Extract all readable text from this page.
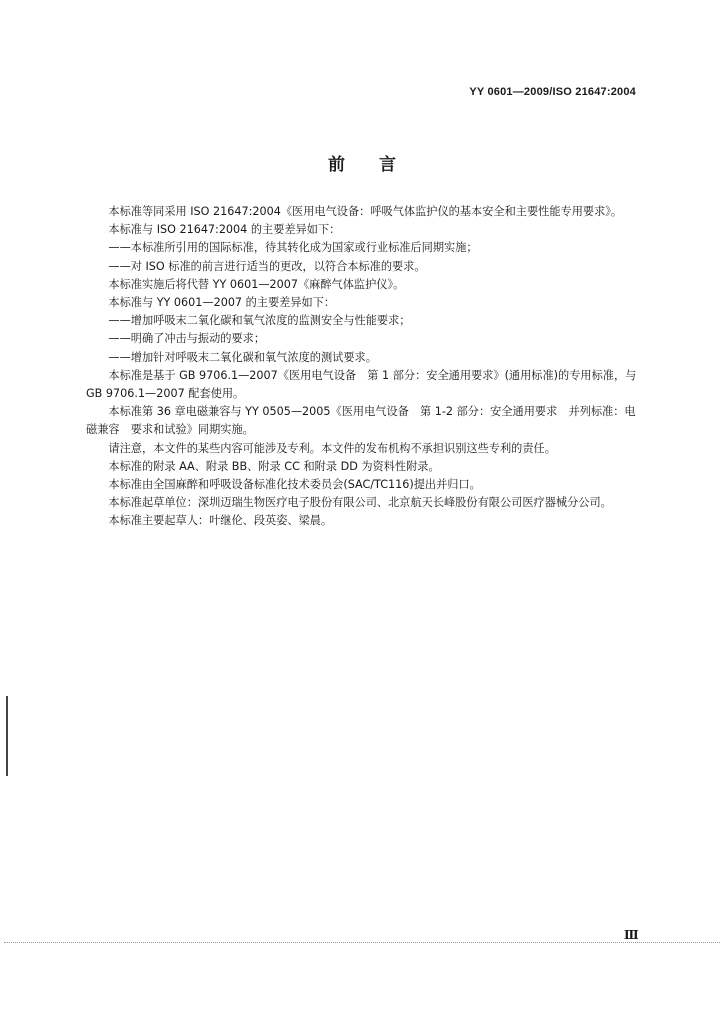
YY 0601—2009/ISO 21647:2004
前　　言

本标准等同采用 ISO 21647:2004《医用电气设备：呼吸气体监护仪的基本安全和主要性能专用要求》。

本标准与 ISO 21647:2004 的主要差异如下：

——本标准所引用的国际标准，待其转化成为国家或行业标准后同期实施；

——对 ISO 标准的前言进行适当的更改，以符合本标准的要求。

本标准实施后将代替 YY 0601—2007《麻醉气体监护仪》。

本标准与 YY 0601—2007 的主要差异如下：

——增加呼吸末二氧化碳和氧气浓度的监测安全与性能要求；

——明确了冲击与振动的要求；

——增加针对呼吸末二氧化碳和氧气浓度的测试要求。

本标准是基于 GB 9706.1—2007《医用电气设备　第 1 部分：安全通用要求》(通用标准)的专用标准，与 GB 9706.1—2007 配套使用。

本标准第 36 章电磁兼容与 YY 0505—2005《医用电气设备　第 1-2 部分：安全通用要求　并列标准：电磁兼容　要求和试验》同期实施。

请注意，本文件的某些内容可能涉及专利。本文件的发布机构不承担识别这些专利的责任。

本标准的附录 AA、附录 BB、附录 CC 和附录 DD 为资料性附录。

本标准由全国麻醉和呼吸设备标准化技术委员会(SAC/TC116)提出并归口。

本标准起草单位：深圳迈瑞生物医疗电子股份有限公司、北京航天长峰股份有限公司医疗器械分公司。

本标准主要起草人：叶继伦、段英姿、梁晨。

Ⅲ
